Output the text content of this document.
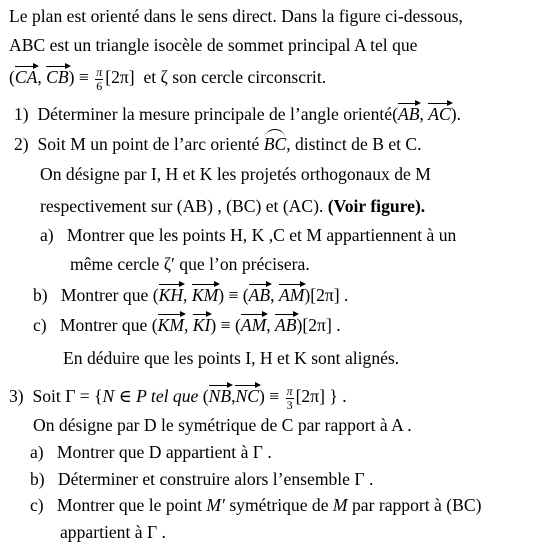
Le plan est orienté dans le sens direct. Dans la figure ci-dessous,
ABC est un triangle isocèle de sommet principal A tel que
(CA, $CB) \equiv \frac{\pi}{6} [2\pi]$ et ζ son cercle circonscrit.
1) Déterminer la mesure principale de l’angle orienté(AB, AC).
2) Soit M un point de l’arc orienté BC, distinct de B et C.
On désigne par I, H et K les projetés orthogonaux de M
respectivement sur (AB) , (BC) et (AC). (Voir figure).
a) Montrer que les points H, K ,C et M appartiennent à un
même cercle ζ′ que l’on précisera.
b) Montrer que (KH, KM) ≡ (AB, AM)[2π] .
c) Montrer que (KM, KI) ≡ (AM, AB)[2π] .
En déduire que les points I, H et K sont alignés.
3) Soit Γ = {N ∈ P tel que $(NB,NC) \equiv \frac{\pi}{3} [2\pi]$ } .
On désigne par D le symétrique de C par rapport à A .
a) Montrer que D appartient à Γ .
b) Déterminer et construire alors l’ensemble Γ .
c) Montrer que le point M′ symétrique de M par rapport à (BC)
appartient à Γ .
